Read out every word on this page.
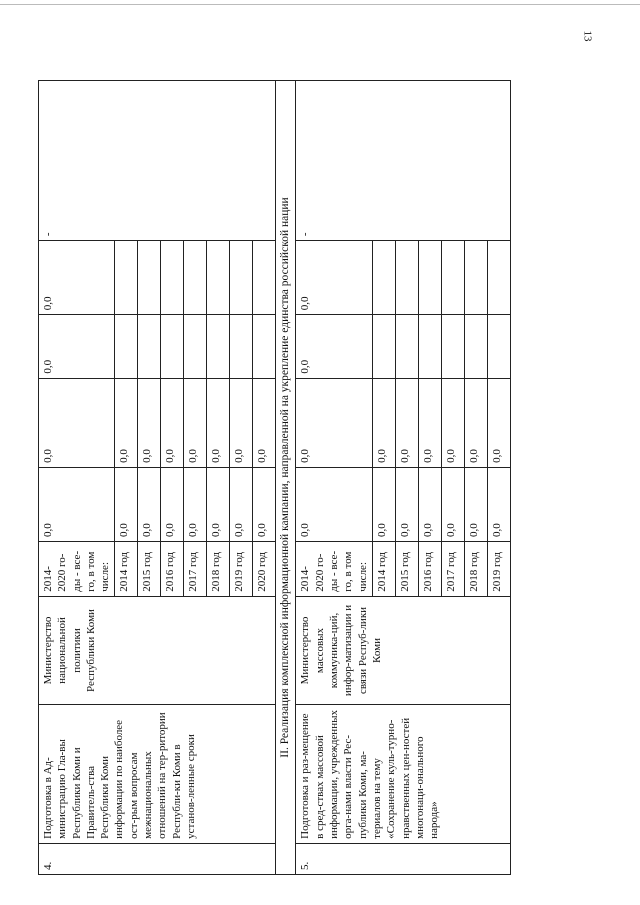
13
4.	Подготовка в Ад-министрацию Гла-вы Республики Коми и Правитель-ства Республики Коми информации по наиболее ост-рым вопросам межнациональных отношений на тер-ритории Республи-ки Коми в установ-ленные сроки	Министерство национальной политики Республики Коми	2014-2020 го-ды - все-го, в том числе:	0,0	0,0	0,0	0,0	-
			2014 год	0,0	0,0			
			2015 год	0,0	0,0			
			2016 год	0,0	0,0			
			2017 год	0,0	0,0			
			2018 год	0,0	0,0			
			2019 год	0,0	0,0			
			2020 год	0,0	0,0			
II. Реализация комплексной информационной кампании, направленной на укрепление единства российской нации								
5.	Подготовка и раз-мещение в сред-ствах массовой информации, учрежденных орга-нами власти Рес-публики Коми, ма-териалов на тему «Сохранение куль-турно-нравственных цен-ностей многонаци-онального народа»	Министерство массовых коммуника-ций, инфор-матизации и связи Респуб-лики Коми	2014-2020 го-ды - все-го, в том числе:	0,0	0,0	0,0	0,0	-
			2014 год	0,0	0,0			
			2015 год	0,0	0,0			
			2016 год	0,0	0,0			
			2017 год	0,0	0,0			
			2018 год	0,0	0,0			
			2019 год	0,0	0,0			
